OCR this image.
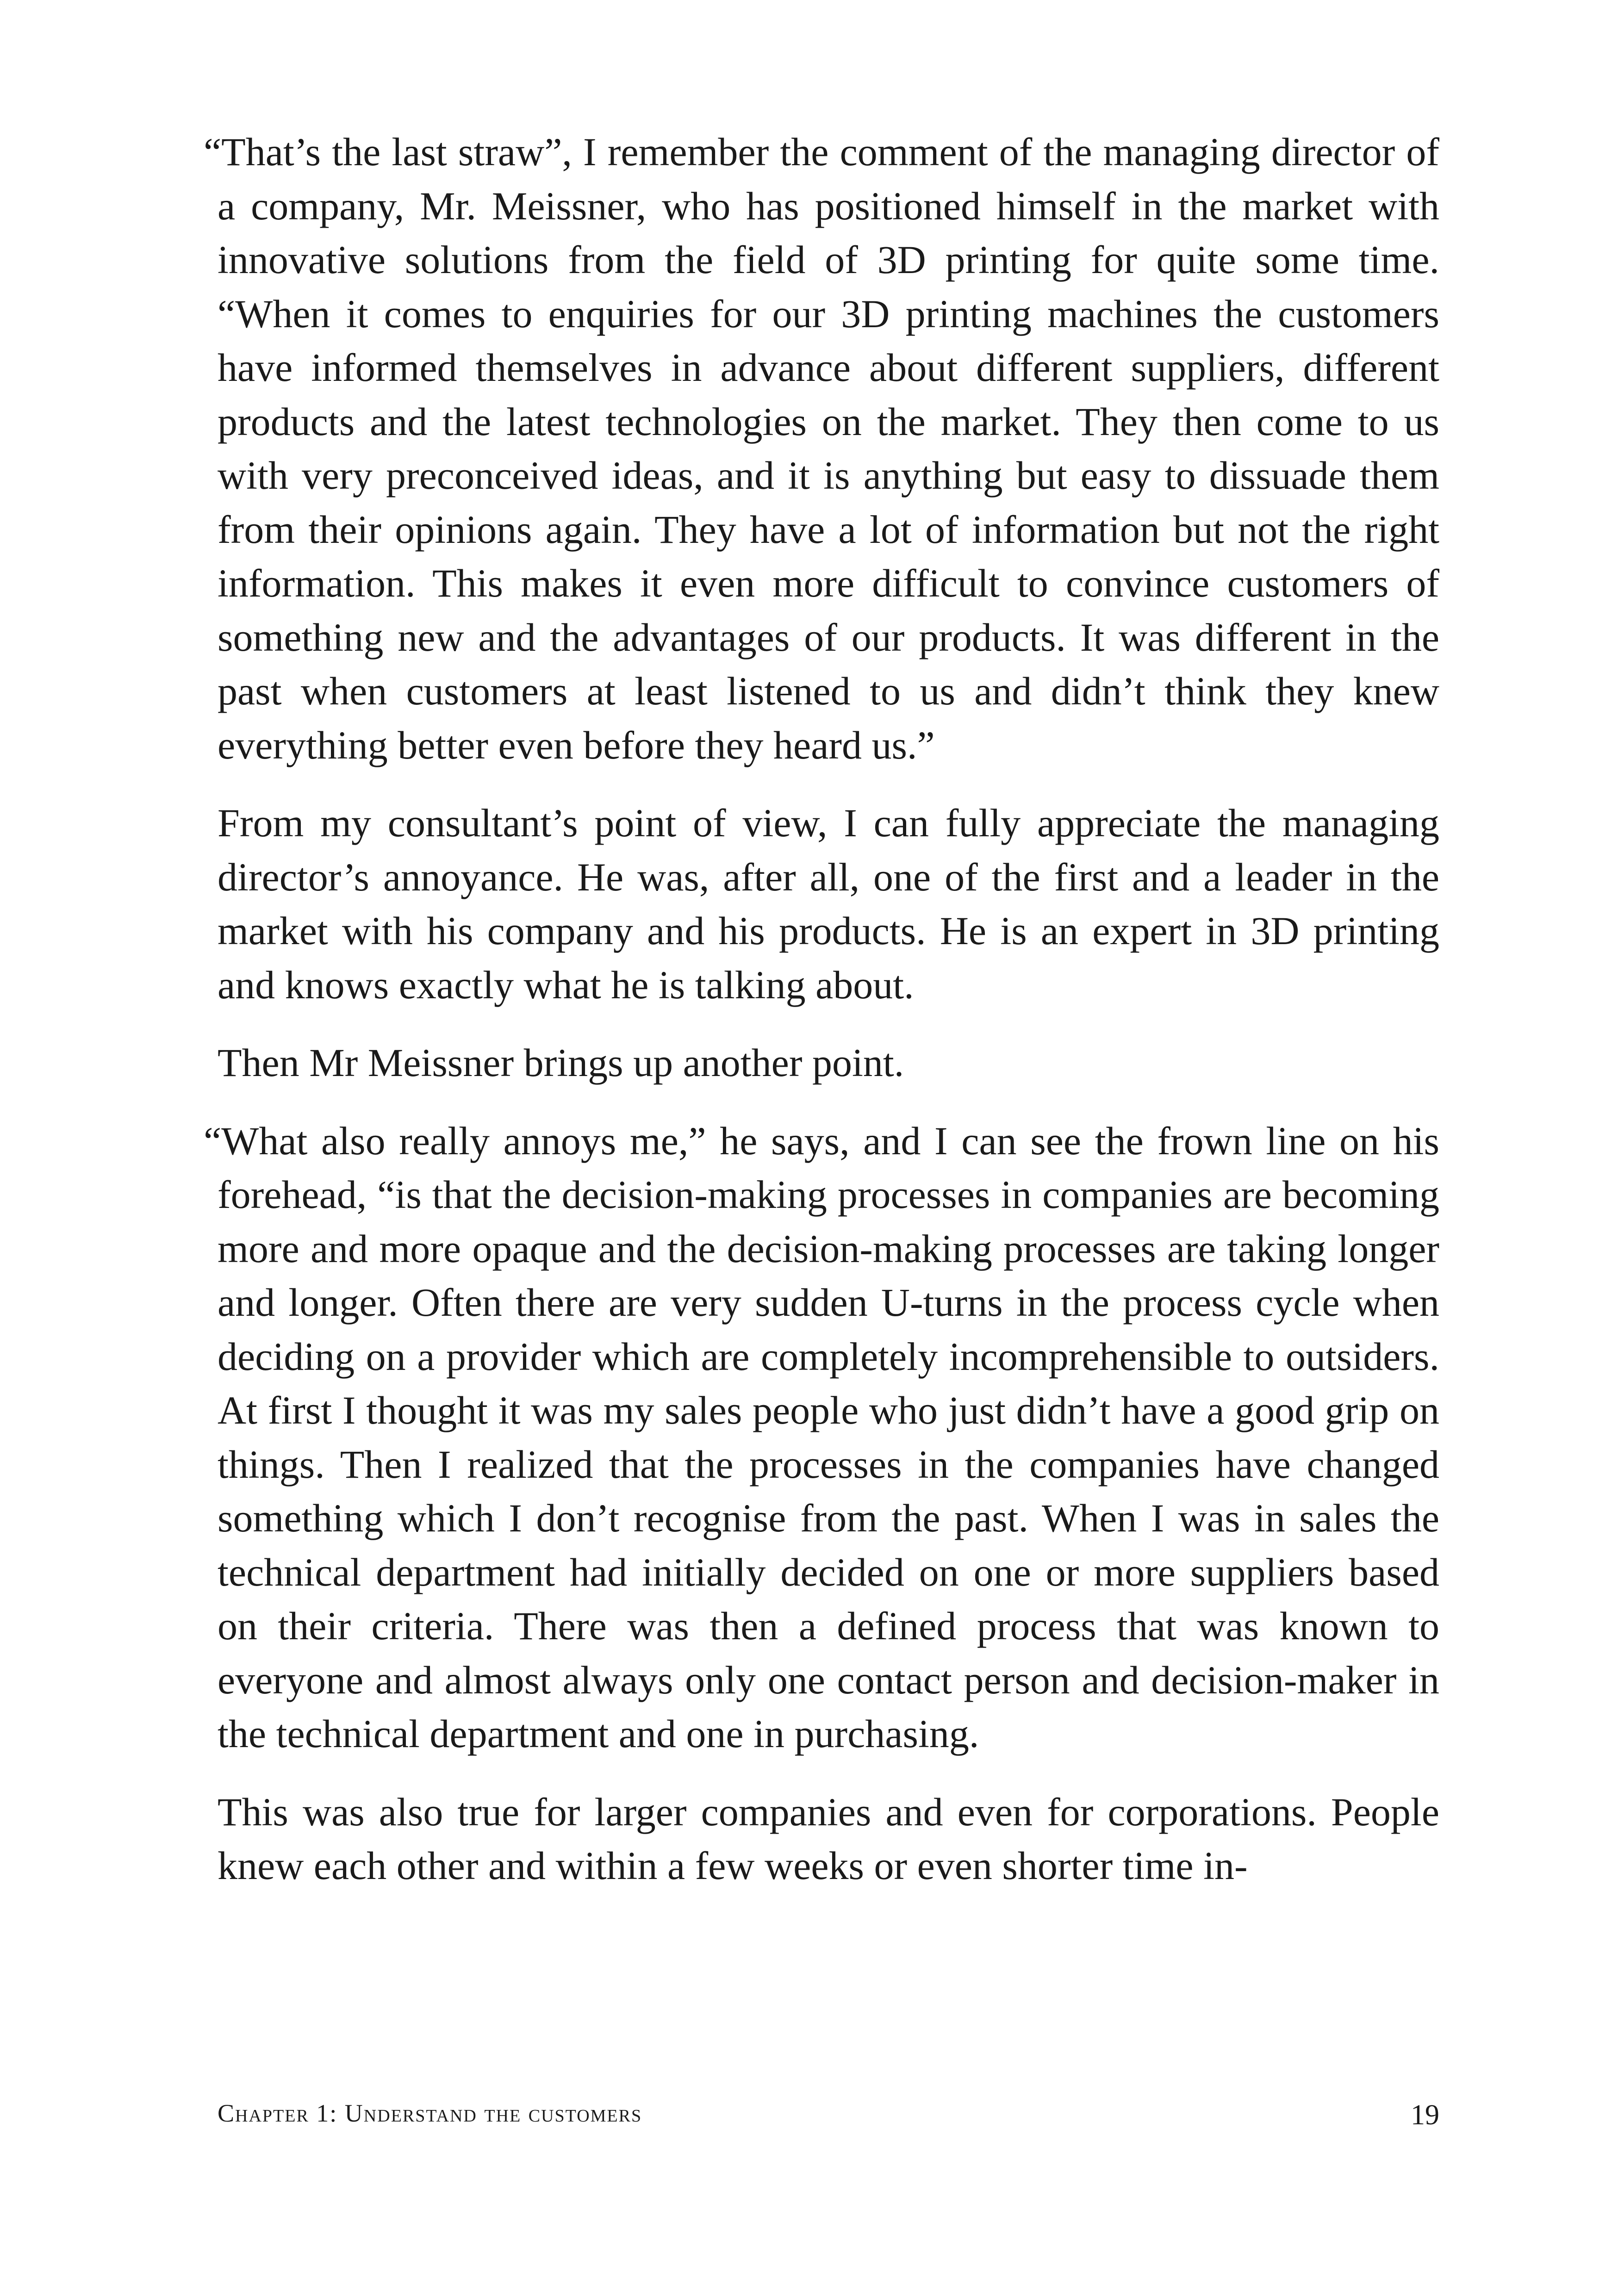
“That’s the last straw”, I remember the comment of the managing director of a company, Mr. Meissner, who has positioned himself in the market with innovative solutions from the field of 3D printing for quite some time. “When it comes to enquiries for our 3D printing machines the customers have informed themselves in advance about different suppliers, different products and the latest technologies on the market. They then come to us with very preconceived ideas, and it is anything but easy to dissuade them from their opinions again. They have a lot of information but not the right information. This makes it even more difficult to convince customers of something new and the advantages of our products. It was different in the past when customers at least listened to us and didn’t think they knew everything better even before they heard us.”

From my consultant’s point of view, I can fully appreciate the managing director’s annoyance. He was, after all, one of the first and a leader in the market with his company and his products. He is an expert in 3D printing and knows exactly what he is talking about.

Then Mr Meissner brings up another point.

“What also really annoys me,” he says, and I can see the frown line on his forehead, “is that the decision-making processes in companies are becoming more and more opaque and the decision-making processes are taking longer and longer. Often there are very sudden U-turns in the process cycle when deciding on a provider which are completely incomprehensible to outsiders. At first I thought it was my sales people who just didn’t have a good grip on things. Then I realized that the processes in the companies have changed something which I don’t recognise from the past. When I was in sales the technical department had initially decided on one or more suppliers based on their criteria. There was then a defined process that was known to everyone and almost always only one contact person and decision-maker in the technical department and one in purchasing.

This was also true for larger companies and even for corporations. People knew each other and within a few weeks or even shorter time in-

Chapter 1: Understand the customers	19
